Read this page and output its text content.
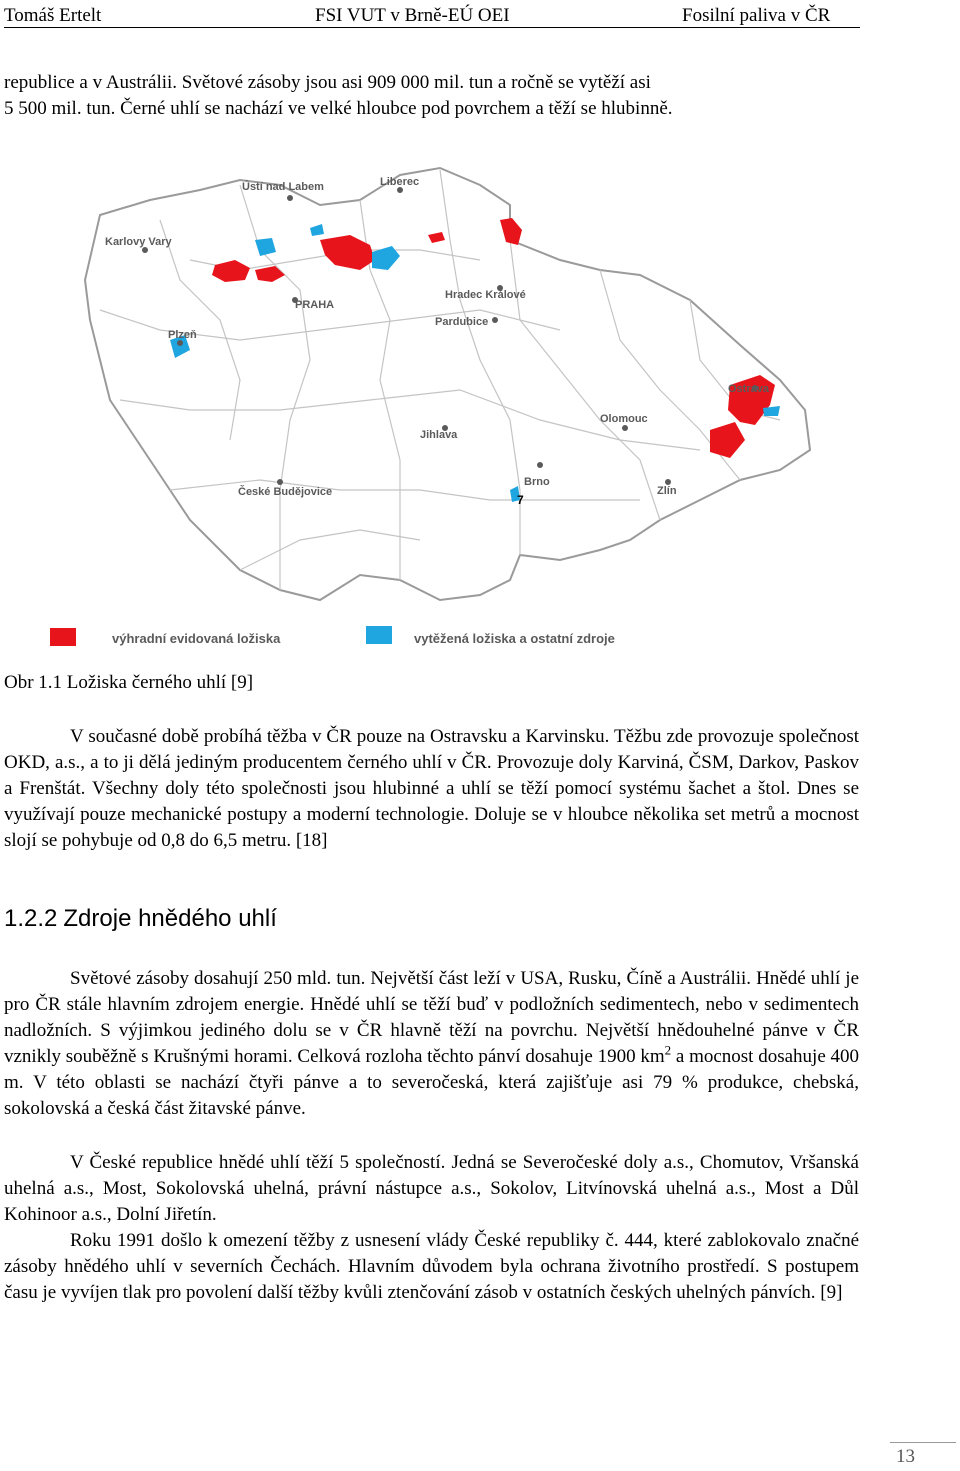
Tomáš Ertelt	FSI VUT v Brně-EÚ OEI	Fosilní paliva v ČR

republice a v Austrálii. Světové zásoby jsou asi 909 000 mil. tun a ročně se vytěží asi

5 500 mil. tun. Černé uhlí se nachází ve velké hloubce pod povrchem a těží se hlubinně.

Ústí nad Labem	Liberec
Karlovy Vary
PRAHA
Hradec Králové
Pardubice
Plzeň
Ostrava
Olomouc
Jihlava
Brno
České Budějovice	Zlín
7
výhradní evidovaná ložiska	vytěžená ložiska a ostatní zdroje

Obr 1.1 Ložiska černého uhlí [9]

V současné době probíhá těžba v ČR pouze na Ostravsku a Karvinsku. Těžbu zde provozuje společnost OKD, a.s., a to ji dělá jediným producentem černého uhlí v ČR. Provozuje doly Karviná, ČSM, Darkov, Paskov a Frenštát. Všechny doly této společnosti jsou hlubinné a uhlí se těží pomocí systému šachet a štol. Dnes se využívají pouze mechanické postupy a moderní technologie. Doluje se v hloubce několika set metrů a mocnost slojí se pohybuje od 0,8 do 6,5 metru. [18]

1.2.2 Zdroje hnědého uhlí

Světové zásoby dosahují 250 mld. tun. Největší část leží v USA, Rusku, Číně a Austrálii. Hnědé uhlí je pro ČR stále hlavním zdrojem energie. Hnědé uhlí se těží buď v podložních sedimentech, nebo v sedimentech nadložních. S výjimkou jediného dolu se v ČR hlavně těží na povrchu. Největší hnědouhelné pánve v ČR vznikly souběžně s Krušnými horami. Celková rozloha těchto pánví dosahuje 1900 $km^2$ a mocnost dosahuje 400 m. V této oblasti se nachází čtyři pánve a to severočeská, která zajišťuje asi 79 % produkce, chebská, sokolovská a česká část žitavské pánve.

V České republice hnědé uhlí těží 5 společností. Jedná se Severočeské doly a.s., Chomutov, Vršanská uhelná a.s., Most, Sokolovská uhelná, právní nástupce a.s., Sokolov, Litvínovská uhelná a.s., Most a Důl Kohinoor a.s., Dolní Jiřetín.

Roku 1991 došlo k omezení těžby z usnesení vlády České republiky č. 444, které zablokovalo značné zásoby hnědého uhlí v severních Čechách. Hlavním důvodem byla ochrana životního prostředí. S postupem času je vyvíjen tlak pro povolení další těžby kvůli ztenčování zásob v ostatních českých uhelných pánvích. [9]

13
